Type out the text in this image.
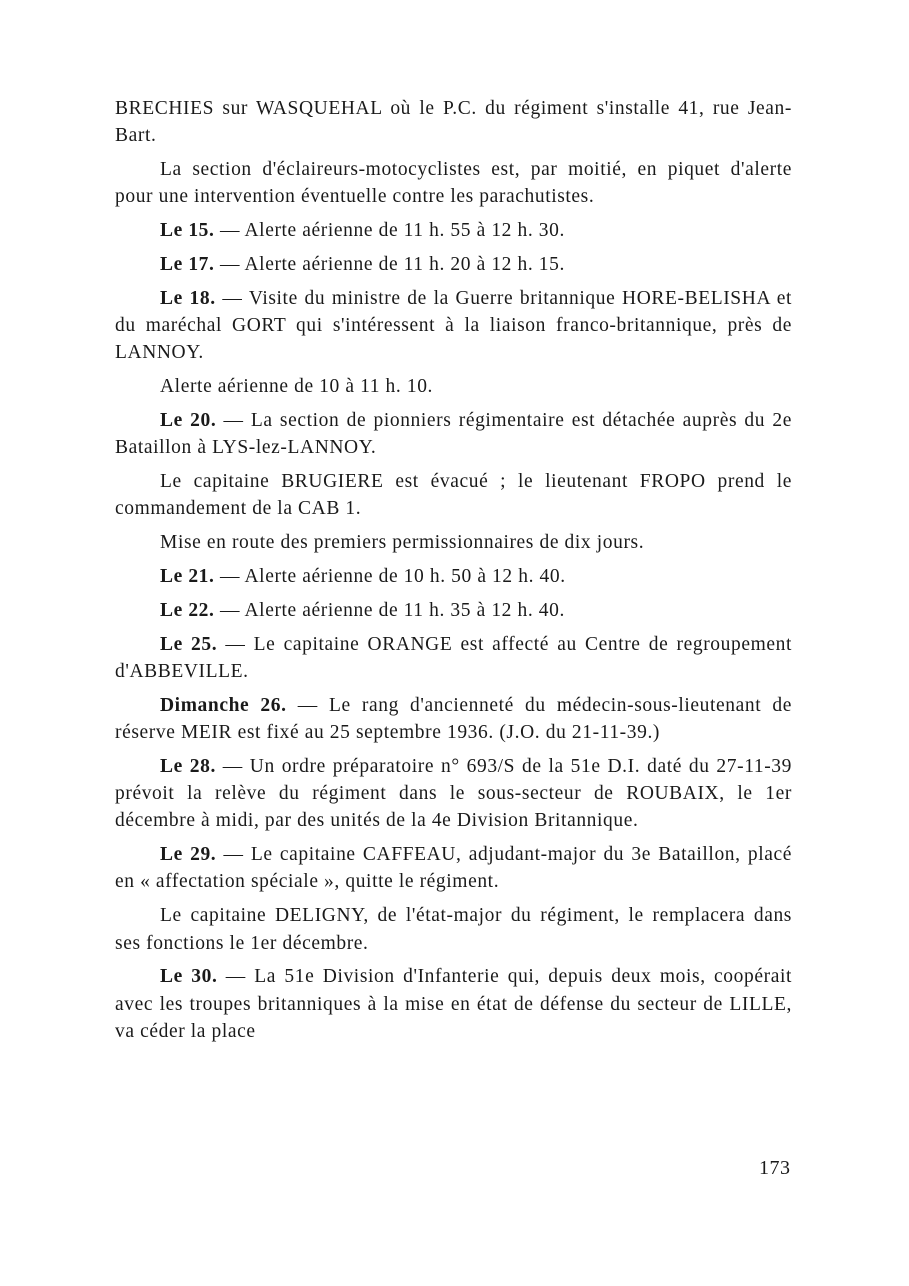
BRECHIES sur WASQUEHAL où le P.C. du régiment s'installe 41, rue Jean-Bart.

La section d'éclaireurs-motocyclistes est, par moitié, en piquet d'alerte pour une intervention éventuelle contre les parachutistes.

Le 15. — Alerte aérienne de 11 h. 55 à 12 h. 30.

Le 17. — Alerte aérienne de 11 h. 20 à 12 h. 15.

Le 18. — Visite du ministre de la Guerre britannique HORE-BELISHA et du maréchal GORT qui s'intéressent à la liaison franco-britannique, près de LANNOY.

Alerte aérienne de 10 à 11 h. 10.

Le 20. — La section de pionniers régimentaire est détachée auprès du 2e Bataillon à LYS-lez-LANNOY.

Le capitaine BRUGIERE est évacué ; le lieutenant FROPO prend le commandement de la CAB 1.

Mise en route des premiers permissionnaires de dix jours.

Le 21. — Alerte aérienne de 10 h. 50 à 12 h. 40.

Le 22. — Alerte aérienne de 11 h. 35 à 12 h. 40.

Le 25. — Le capitaine ORANGE est affecté au Centre de regroupement d'ABBEVILLE.

Dimanche 26. — Le rang d'ancienneté du médecin-sous-lieutenant de réserve MEIR est fixé au 25 septembre 1936. (J.O. du 21-11-39.)

Le 28. — Un ordre préparatoire n° 693/S de la 51e D.I. daté du 27-11-39 prévoit la relève du régiment dans le sous-secteur de ROUBAIX, le 1er décembre à midi, par des unités de la 4e Division Britannique.

Le 29. — Le capitaine CAFFEAU, adjudant-major du 3e Bataillon, placé en « affectation spéciale », quitte le régiment.

Le capitaine DELIGNY, de l'état-major du régiment, le remplacera dans ses fonctions le 1er décembre.

Le 30. — La 51e Division d'Infanterie qui, depuis deux mois, coopérait avec les troupes britanniques à la mise en état de défense du secteur de LILLE, va céder la place

173
